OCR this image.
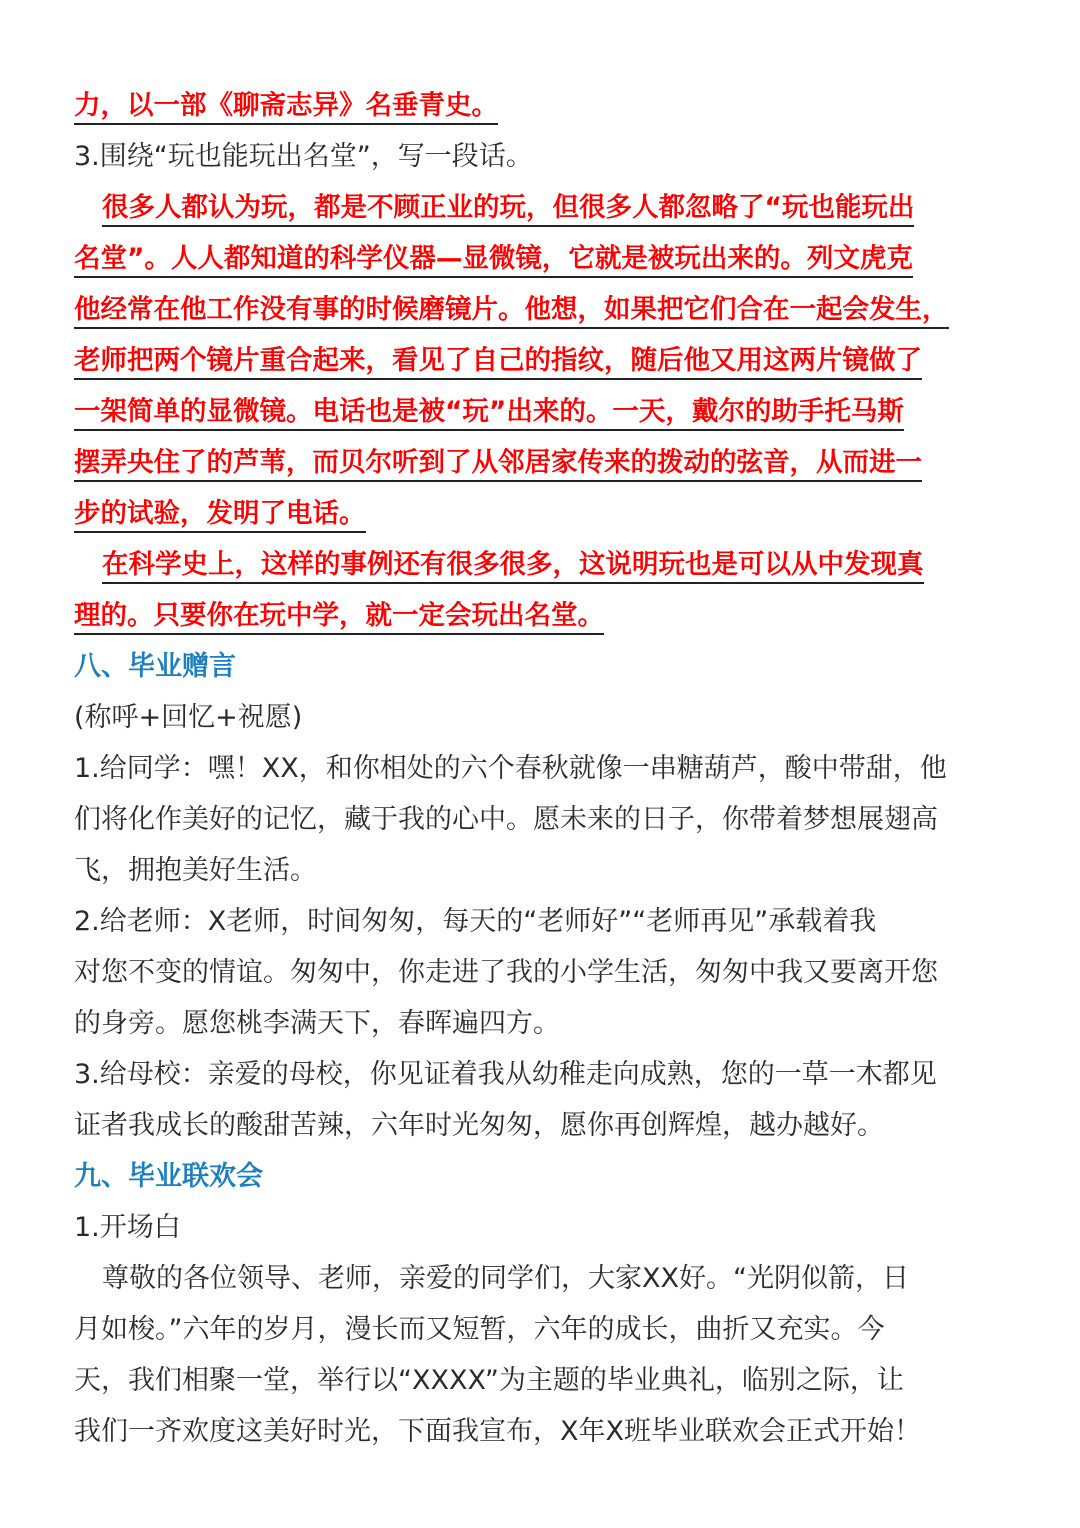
力，以一部《聊斋志异》名垂青史。
3.围绕“玩也能玩出名堂”，写一段话。
很多人都认为玩，都是不顾正业的玩，但很多人都忽略了“玩也能玩出
名堂”。人人都知道的科学仪器—显微镜，它就是被玩出来的。列文虎克
他经常在他工作没有事的时候磨镜片。他想，如果把它们合在一起会发生，
老师把两个镜片重合起来，看见了自己的指纹，随后他又用这两片镜做了
一架简单的显微镜。电话也是被“玩”出来的。一天，戴尔的助手托马斯
摆弄央住了的芦苇，而贝尔听到了从邻居家传来的拨动的弦音，从而进一
步的试验，发明了电话。
在科学史上，这样的事例还有很多很多，这说明玩也是可以从中发现真
理的。只要你在玩中学，就一定会玩出名堂。
八、毕业赠言
(称呼+回忆+祝愿)
1.给同学：嘿！XX，和你相处的六个春秋就像一串糖葫芦，酸中带甜，他
们将化作美好的记忆，藏于我的心中。愿未来的日子，你带着梦想展翅高
飞，拥抱美好生活。
2.给老师：X老师，时间匆匆，每天的“老师好”“老师再见”承载着我
对您不变的情谊。匆匆中，你走进了我的小学生活，匆匆中我又要离开您
的身旁。愿您桃李满天下，春晖遍四方。
3.给母校：亲爱的母校，你见证着我从幼稚走向成熟，您的一草一木都见
证者我成长的酸甜苦辣，六年时光匆匆，愿你再创辉煌，越办越好。
九、毕业联欢会
1.开场白
尊敬的各位领导、老师，亲爱的同学们，大家XX好。“光阴似箭，日
月如梭。”六年的岁月，漫长而又短暂，六年的成长，曲折又充实。今
天，我们相聚一堂，举行以“XXXX”为主题的毕业典礼，临别之际，让
我们一齐欢度这美好时光，下面我宣布，X年X班毕业联欢会正式开始！
